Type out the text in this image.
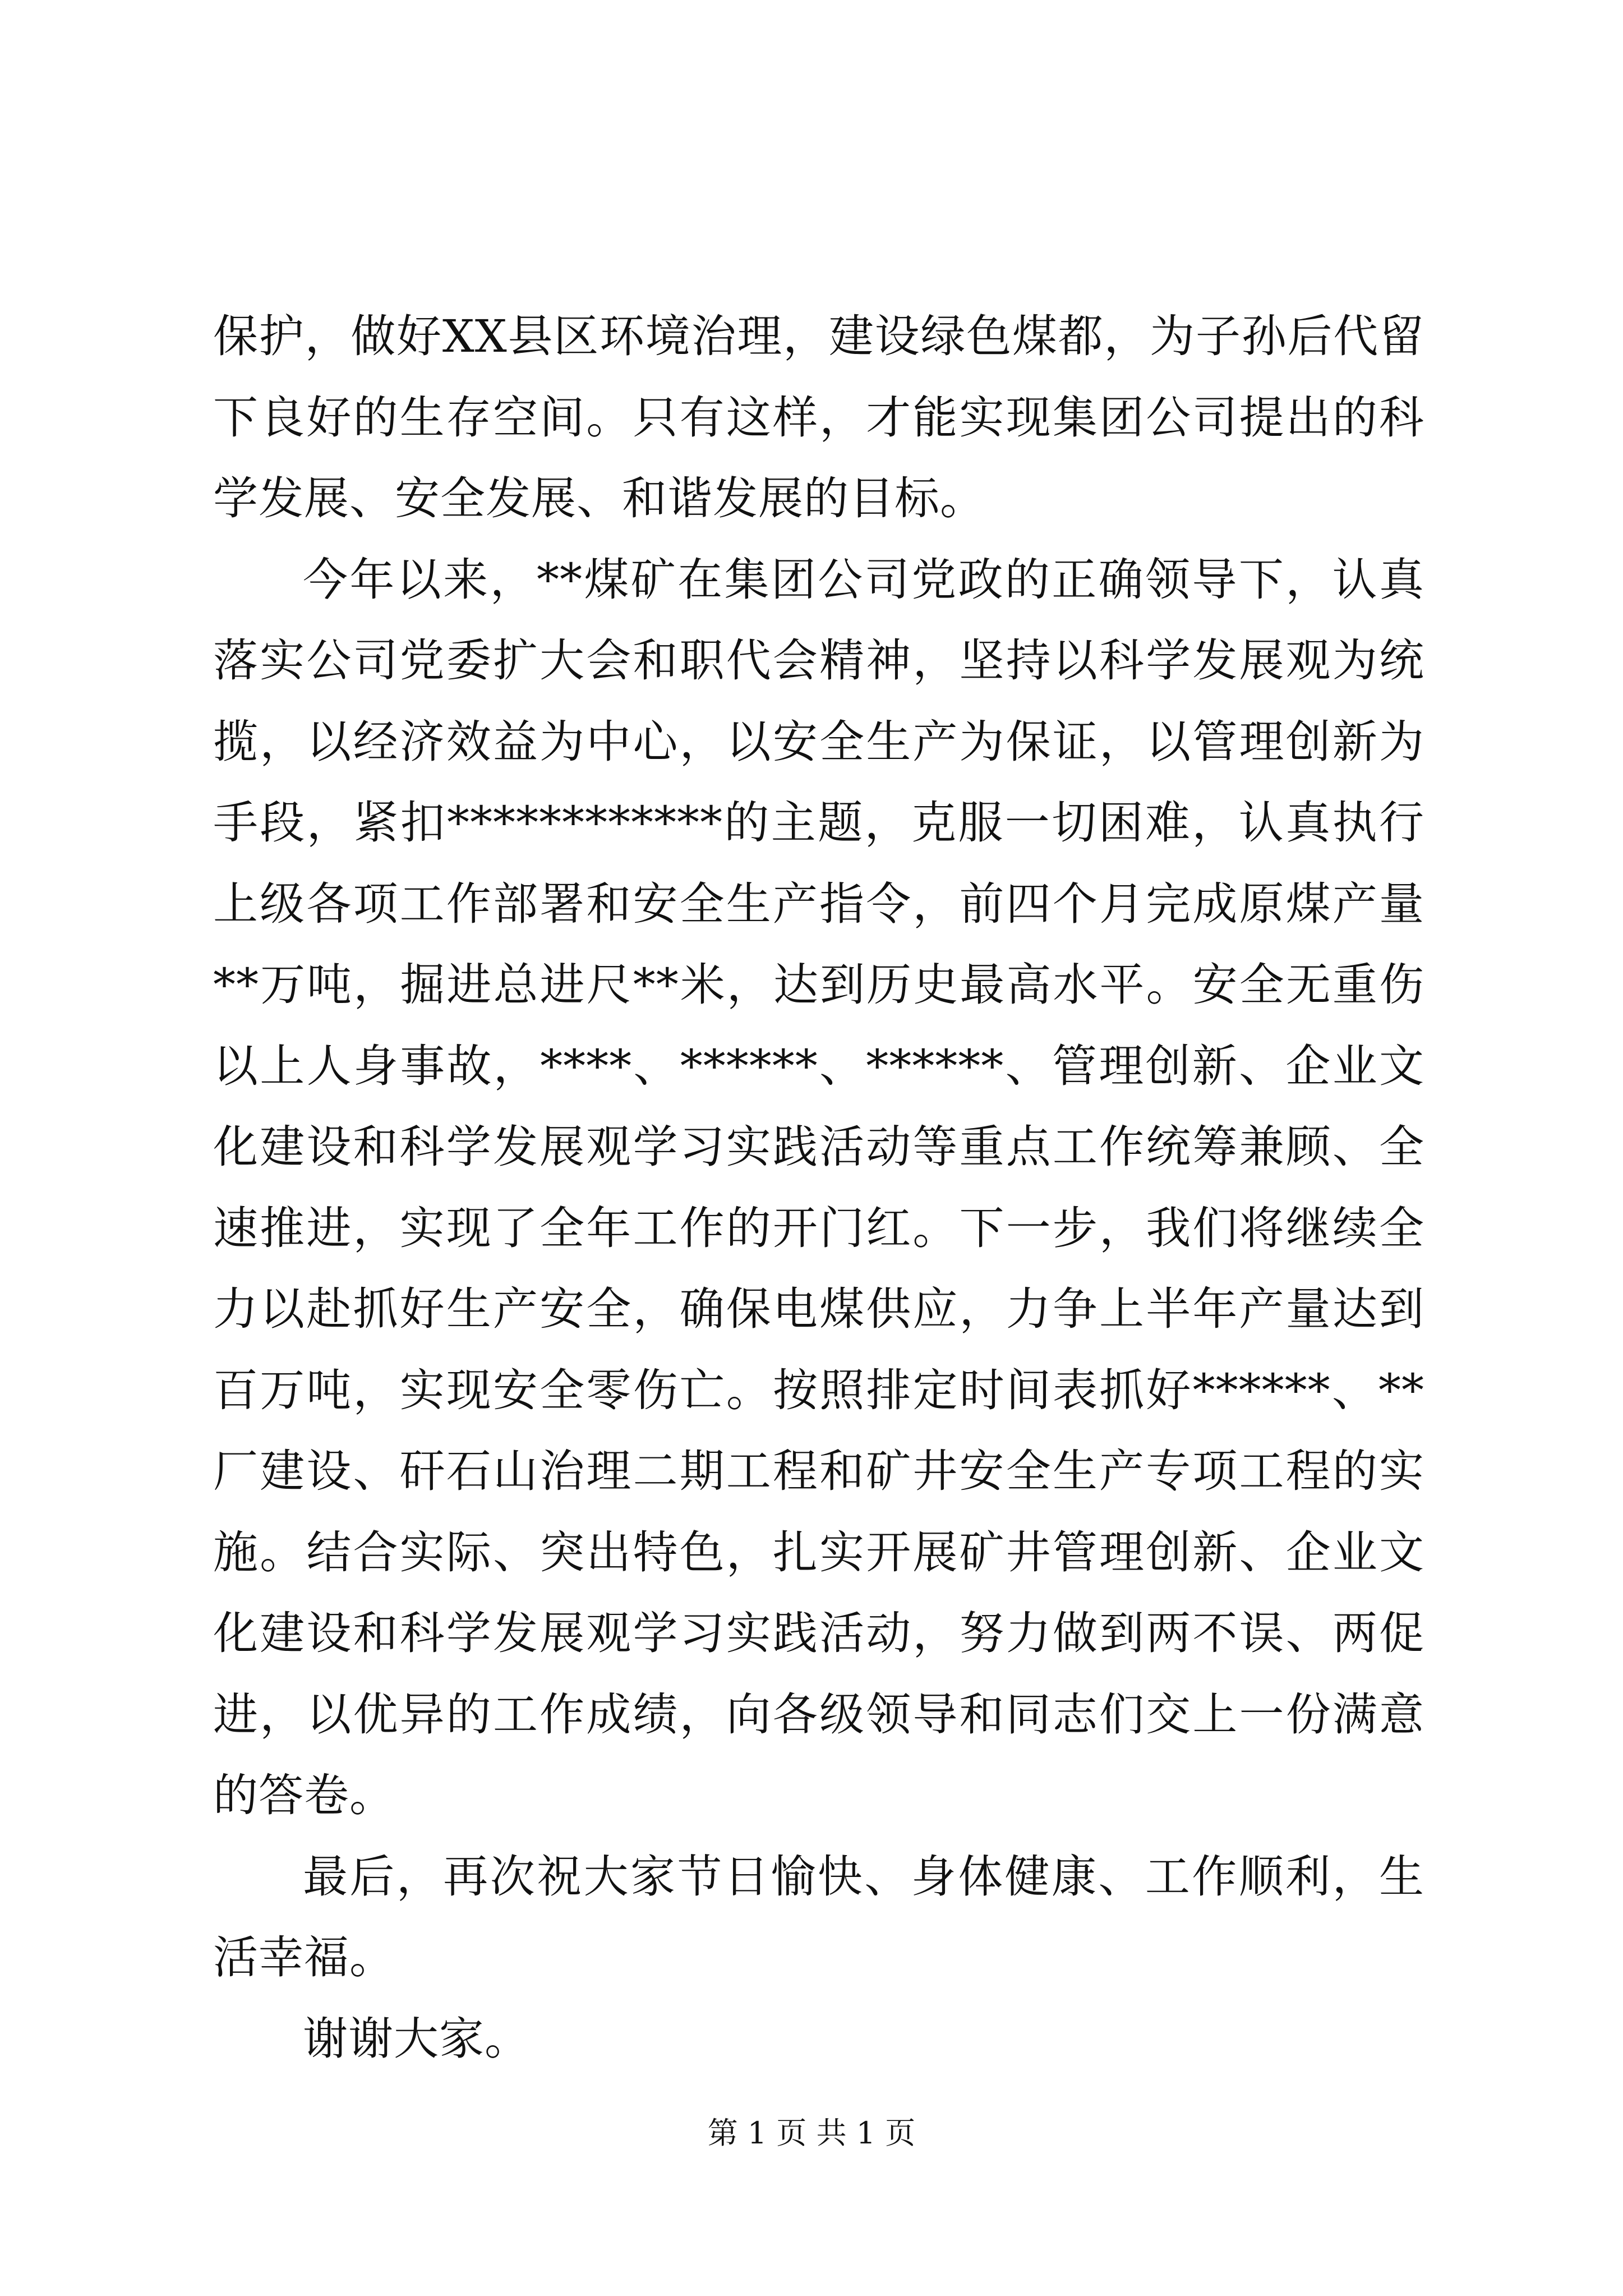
保护，做好XX县区环境治理，建设绿色煤都，为子孙后代留下良好的生存空间。只有这样，才能实现集团公司提出的科学发展、安全发展、和谐发展的目标。

今年以来，**煤矿在集团公司党政的正确领导下，认真落实公司党委扩大会和职代会精神，坚持以科学发展观为统揽，以经济效益为中心，以安全生产为保证，以管理创新为手段，紧扣************的主题，克服一切困难，认真执行上级各项工作部署和安全生产指令，前四个月完成原煤产量**万吨，掘进总进尺**米，达到历史最高水平。安全无重伤以上人身事故，****、******、******、管理创新、企业文化建设和科学发展观学习实践活动等重点工作统筹兼顾、全速推进，实现了全年工作的开门红。下一步，我们将继续全力以赴抓好生产安全，确保电煤供应，力争上半年产量达到百万吨，实现安全零伤亡。按照排定时间表抓好******、**厂建设、矸石山治理二期工程和矿井安全生产专项工程的实施。结合实际、突出特色，扎实开展矿井管理创新、企业文化建设和科学发展观学习实践活动，努力做到两不误、两促进，以优异的工作成绩，向各级领导和同志们交上一份满意的答卷。

最后，再次祝大家节日愉快、身体健康、工作顺利，生活幸福。

谢谢大家。

第 1 页 共 1 页
